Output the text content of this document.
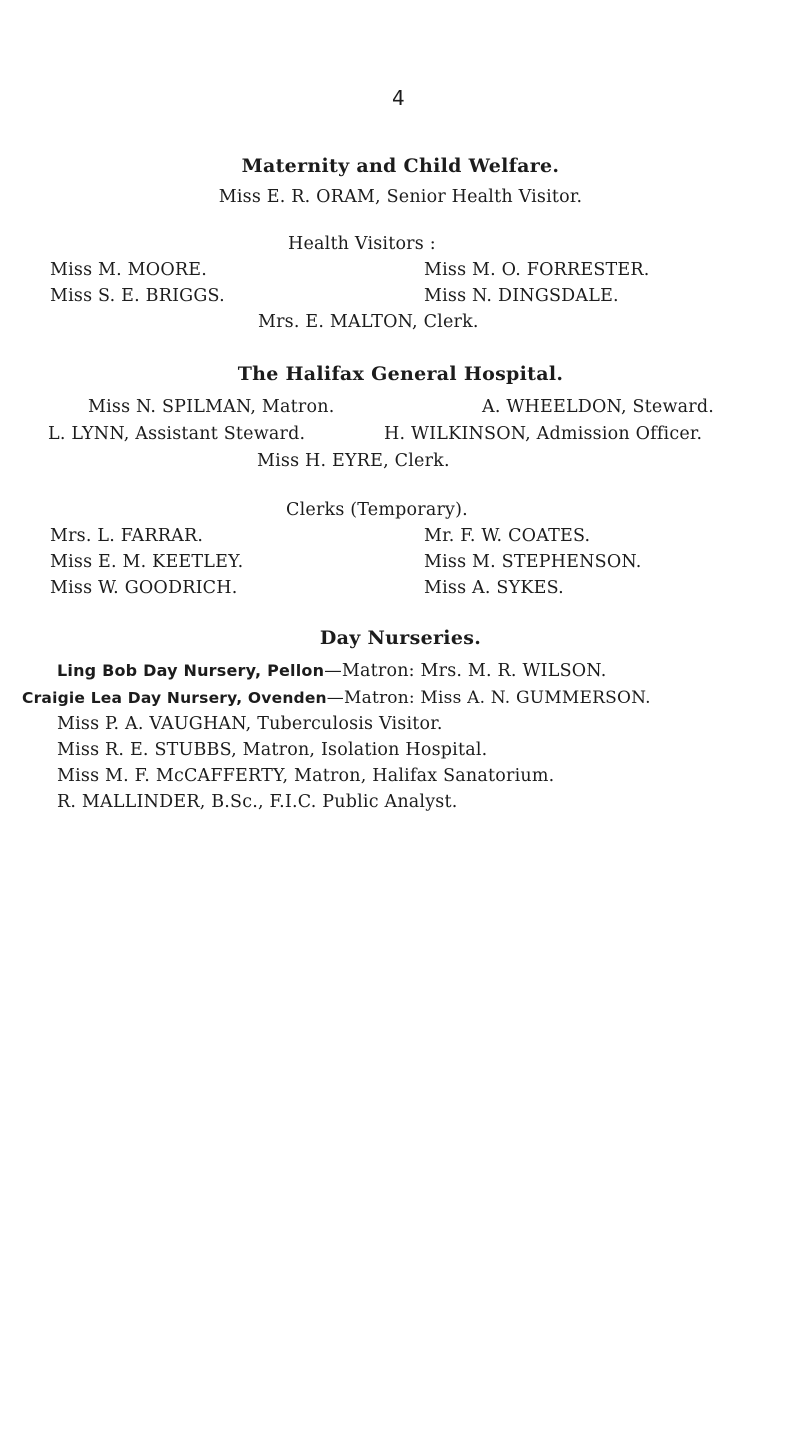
4
Maternity and Child Welfare.
Miss E. R. ORAM, Senior Health Visitor.
Health Visitors :
Miss M. MOORE.
Miss S. E. BRIGGS.
Miss M. O. FORRESTER.
Miss N. DINGSDALE.
Mrs. E. MALTON, Clerk.
The Halifax General Hospital.
Miss N. SPILMAN, Matron.	A. WHEELDON, Steward.
L. LYNN, Assistant Steward.	H. WILKINSON, Admission Officer.
Miss H. EYRE, Clerk.
Clerks (Temporary).
Mrs. L. FARRAR.
Miss E. M. KEETLEY.
Miss W. GOODRICH.
Mr. F. W. COATES.
Miss M. STEPHENSON.
Miss A. SYKES.
Day Nurseries.
Ling Bob Day Nursery, Pellon—Matron: Mrs. M. R. WILSON.
Craigie Lea Day Nursery, Ovenden—Matron: Miss A. N. GUMMERSON.
Miss P. A. VAUGHAN, Tuberculosis Visitor.
Miss R. E. STUBBS, Matron, Isolation Hospital.
Miss M. F. McCAFFERTY, Matron, Halifax Sanatorium.
R. MALLINDER, B.Sc., F.I.C. Public Analyst.
